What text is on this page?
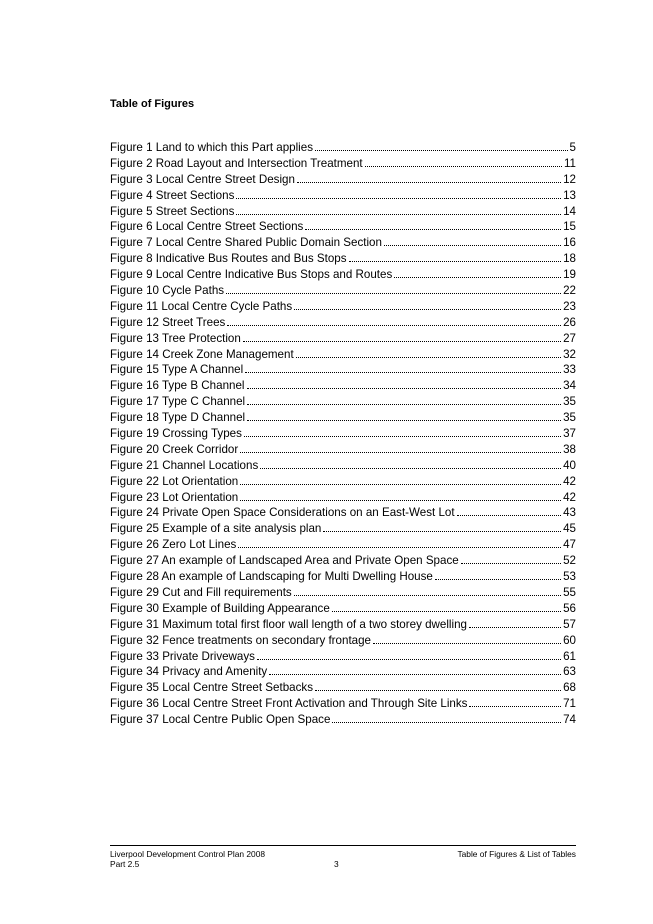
Table of Figures
Figure 1 Land to which this Part applies	5
Figure 2 Road Layout and Intersection Treatment	11
Figure 3 Local Centre Street Design	12
Figure 4 Street Sections	13
Figure 5 Street Sections	14
Figure 6 Local Centre Street Sections	15
Figure 7 Local Centre Shared Public Domain Section	16
Figure 8 Indicative Bus Routes and Bus Stops	18
Figure 9 Local Centre Indicative Bus Stops and Routes	19
Figure 10 Cycle Paths	22
Figure 11 Local Centre Cycle Paths	23
Figure 12 Street Trees	26
Figure 13 Tree Protection	27
Figure 14 Creek Zone Management	32
Figure 15 Type A Channel	33
Figure 16 Type B Channel	34
Figure 17 Type C Channel	35
Figure 18 Type D Channel	35
Figure 19 Crossing Types	37
Figure 20 Creek Corridor	38
Figure 21 Channel Locations	40
Figure 22 Lot Orientation	42
Figure 23 Lot Orientation	42
Figure 24 Private Open Space Considerations on an East-West Lot	43
Figure 25 Example of a site analysis plan	45
Figure 26 Zero Lot Lines	47
Figure 27 An example of Landscaped Area and Private Open Space	52
Figure 28 An example of Landscaping for Multi Dwelling House	53
Figure 29 Cut and Fill requirements	55
Figure 30 Example of Building Appearance	56
Figure 31 Maximum total first floor wall length of a two storey dwelling	57
Figure 32 Fence treatments on secondary frontage	60
Figure 33 Private Driveways	61
Figure 34 Privacy and Amenity	63
Figure 35 Local Centre Street Setbacks	68
Figure 36 Local Centre Street Front Activation and Through Site Links	71
Figure 37 Local Centre Public Open Space	74
Liverpool Development Control Plan 2008
Part 2.5	3
Table of Figures & List of Tables
